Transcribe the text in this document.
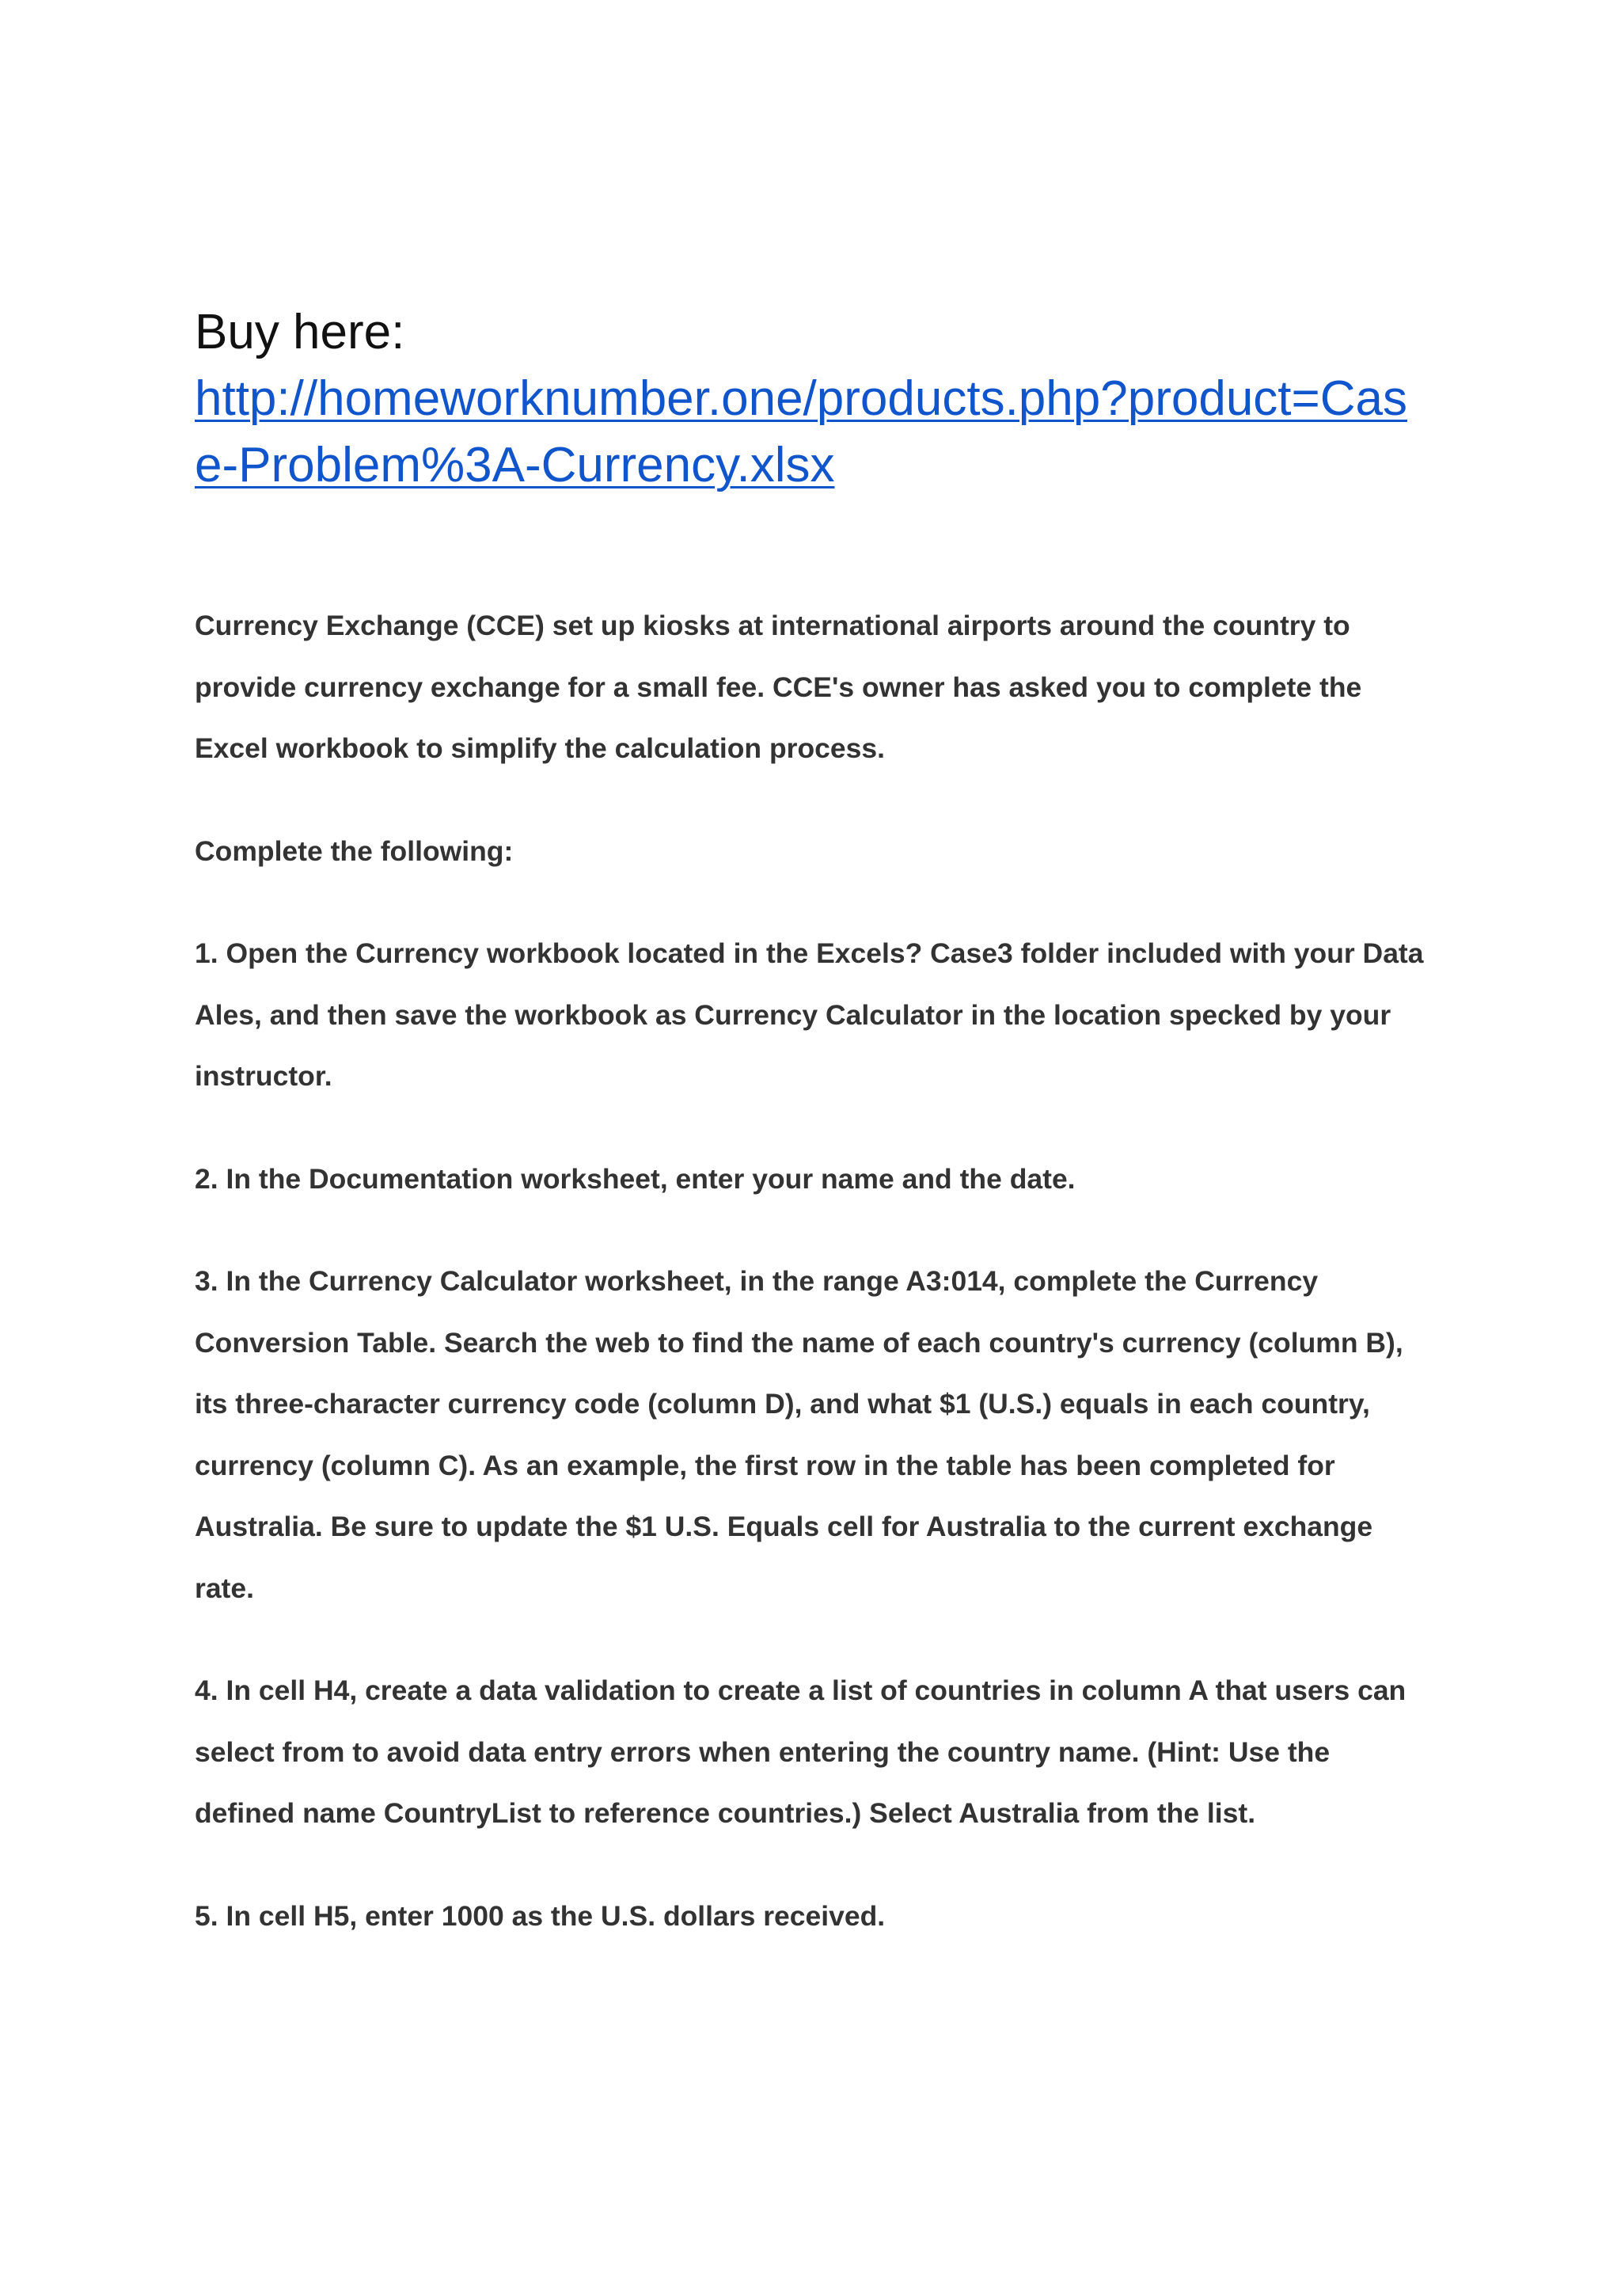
Buy here:

http://homeworknumber.one/products.php?product=Cas
e-Problem%3A-Currency.xlsx

Currency Exchange (CCE) set up kiosks at international airports around the country to provide currency exchange for a small fee. CCE's owner has asked you to complete the Excel workbook to simplify the calculation process.

Complete the following:

1. Open the Currency workbook located in the Excels? Case3 folder included with your Data Ales, and then save the workbook as Currency Calculator in the location specked by your instructor.

2. In the Documentation worksheet, enter your name and the date.

3. In the Currency Calculator worksheet, in the range A3:014, complete the Currency Conversion Table. Search the web to find the name of each country's currency (column B), its three-character currency code (column D), and what $1 (U.S.) equals in each country, currency (column C). As an example, the first row in the table has been completed for Australia. Be sure to update the $1 U.S. Equals cell for Australia to the current exchange rate.

4. In cell H4, create a data validation to create a list of countries in column A that users can select from to avoid data entry errors when entering the country name. (Hint: Use the defined name CountryList to reference countries.) Select Australia from the list.

5. In cell H5, enter 1000 as the U.S. dollars received.
